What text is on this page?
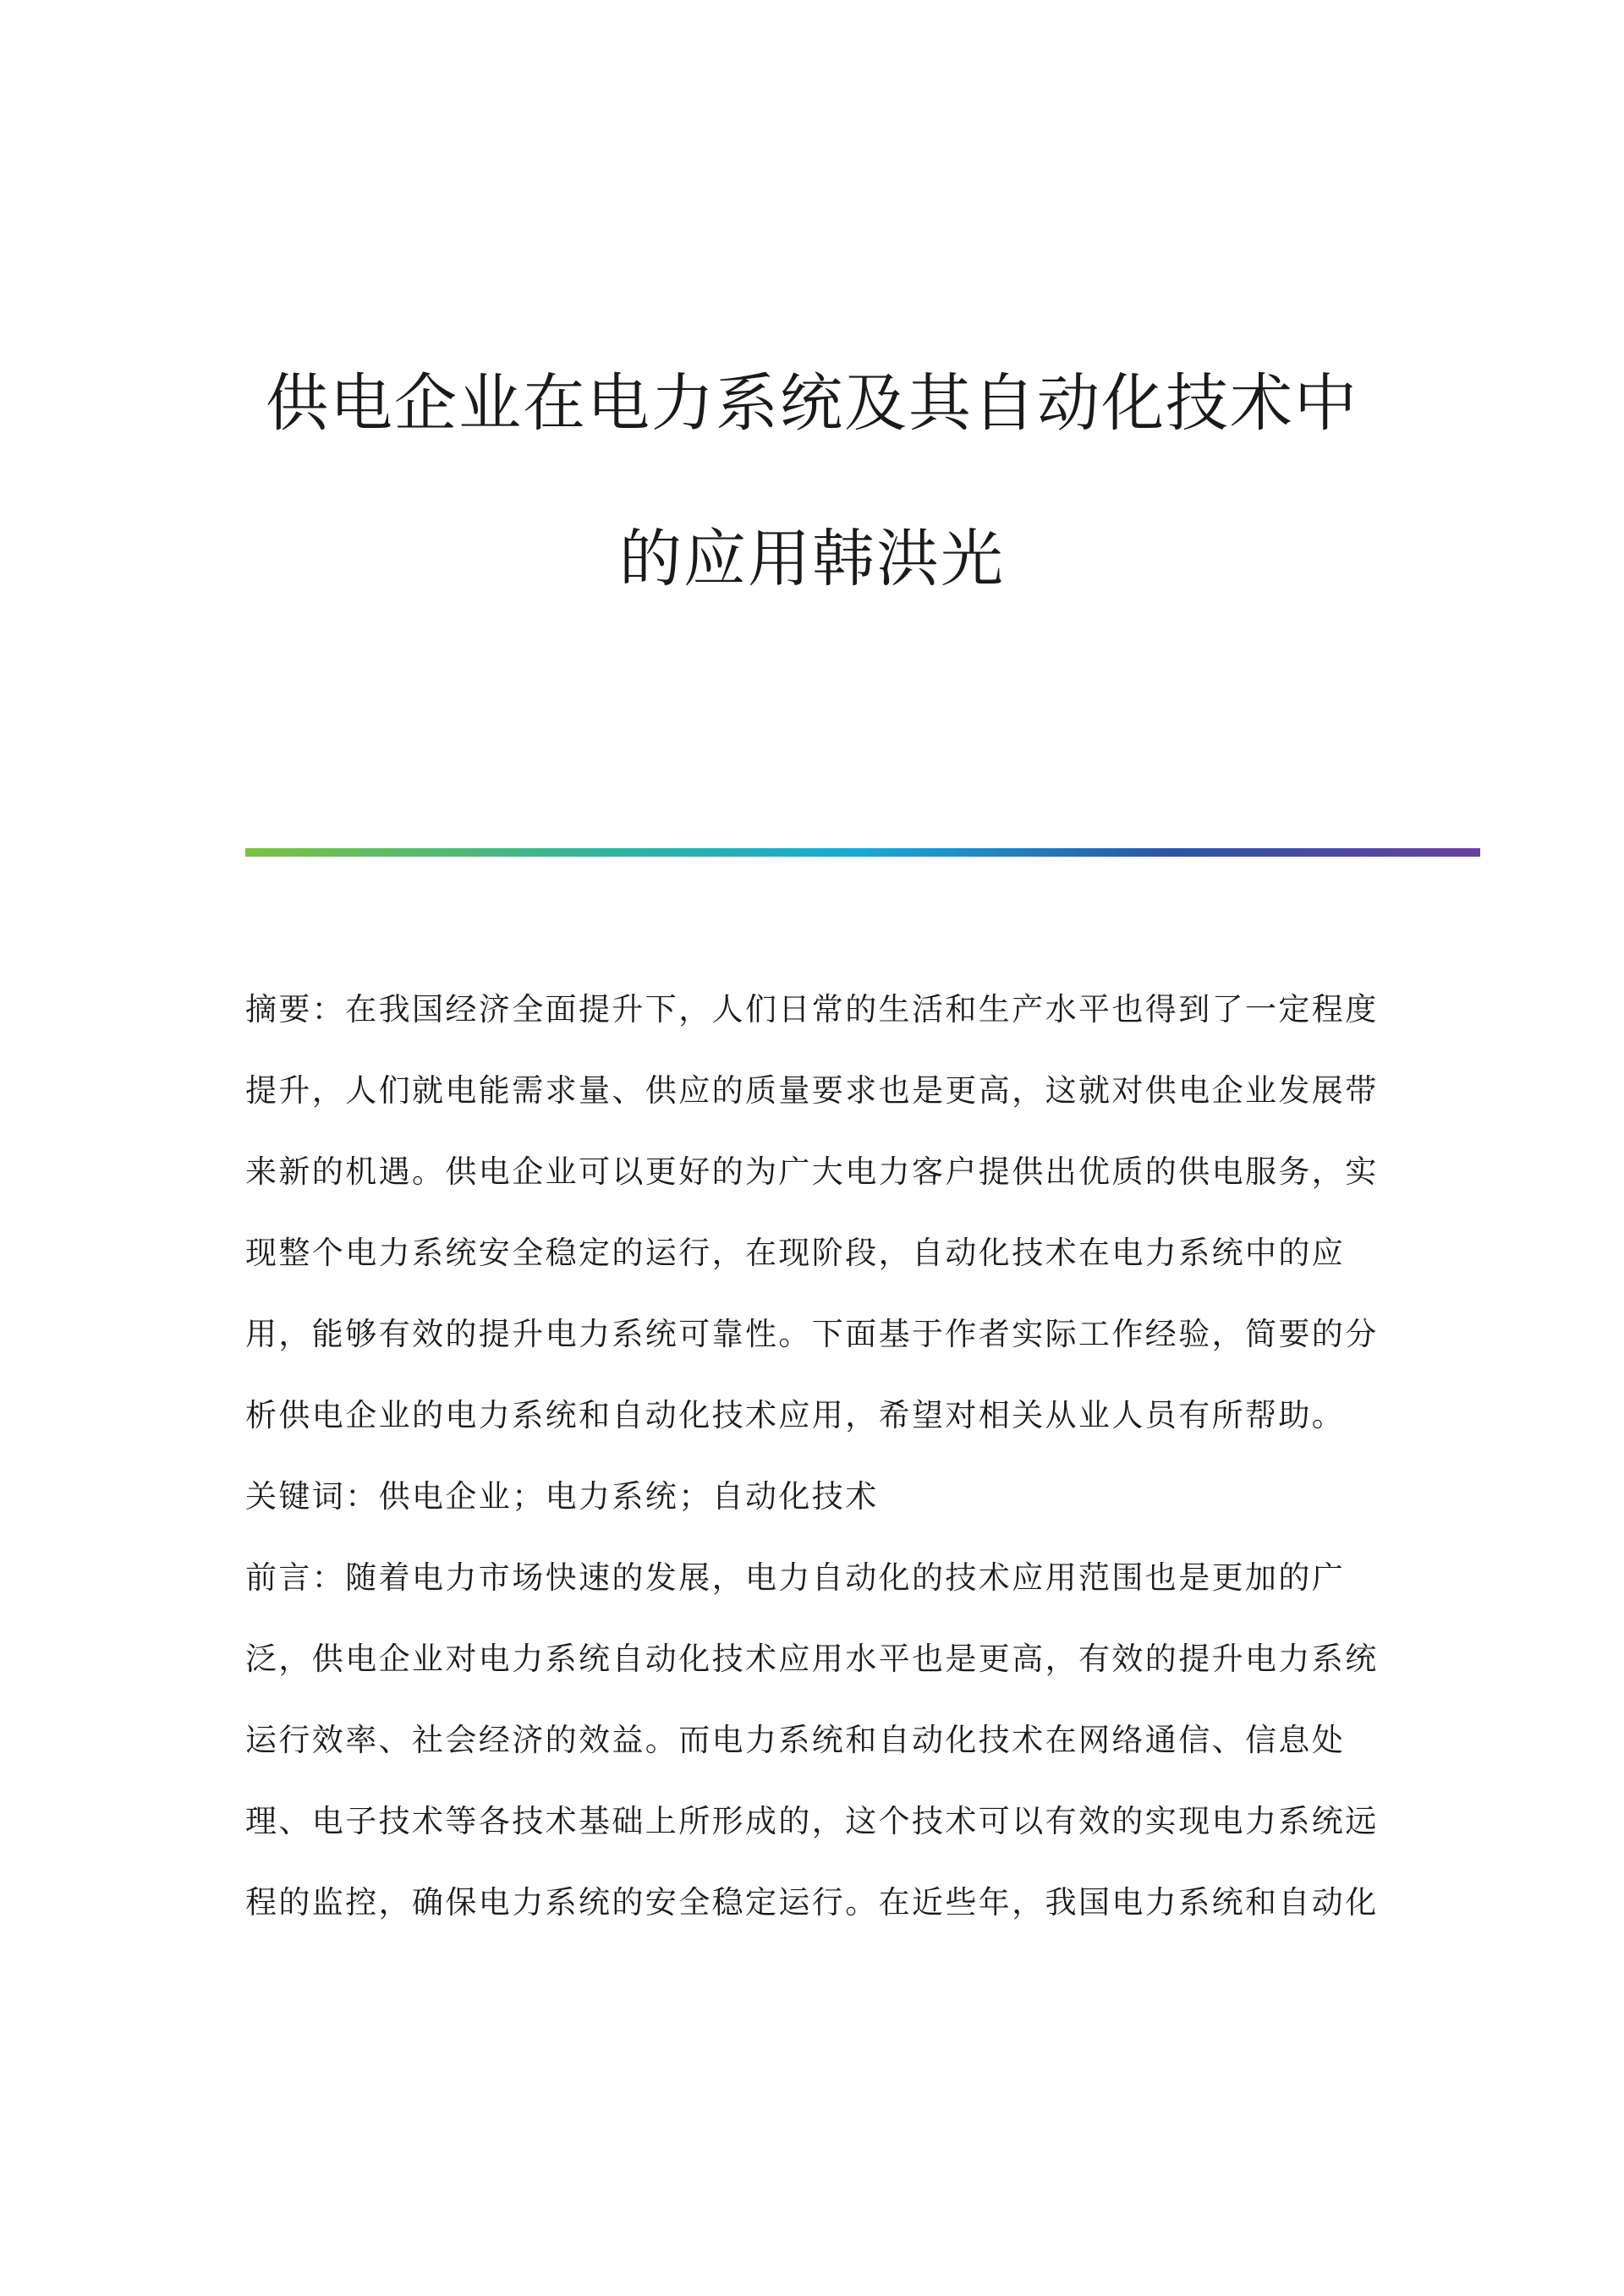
供电企业在电力系统及其自动化技术中

的应用韩洪光

摘要：在我国经济全面提升下，人们日常的生活和生产水平也得到了一定程度
提升，人们就电能需求量、供应的质量要求也是更高，这就对供电企业发展带
来新的机遇。供电企业可以更好的为广大电力客户提供出优质的供电服务，实
现整个电力系统安全稳定的运行，在现阶段，自动化技术在电力系统中的应
用，能够有效的提升电力系统可靠性。下面基于作者实际工作经验，简要的分
析供电企业的电力系统和自动化技术应用，希望对相关从业人员有所帮助。
关键词：供电企业；电力系统；自动化技术
前言：随着电力市场快速的发展，电力自动化的技术应用范围也是更加的广
泛，供电企业对电力系统自动化技术应用水平也是更高，有效的提升电力系统
运行效率、社会经济的效益。而电力系统和自动化技术在网络通信、信息处
理、电子技术等各技术基础上所形成的，这个技术可以有效的实现电力系统远
程的监控，确保电力系统的安全稳定运行。在近些年，我国电力系统和自动化
